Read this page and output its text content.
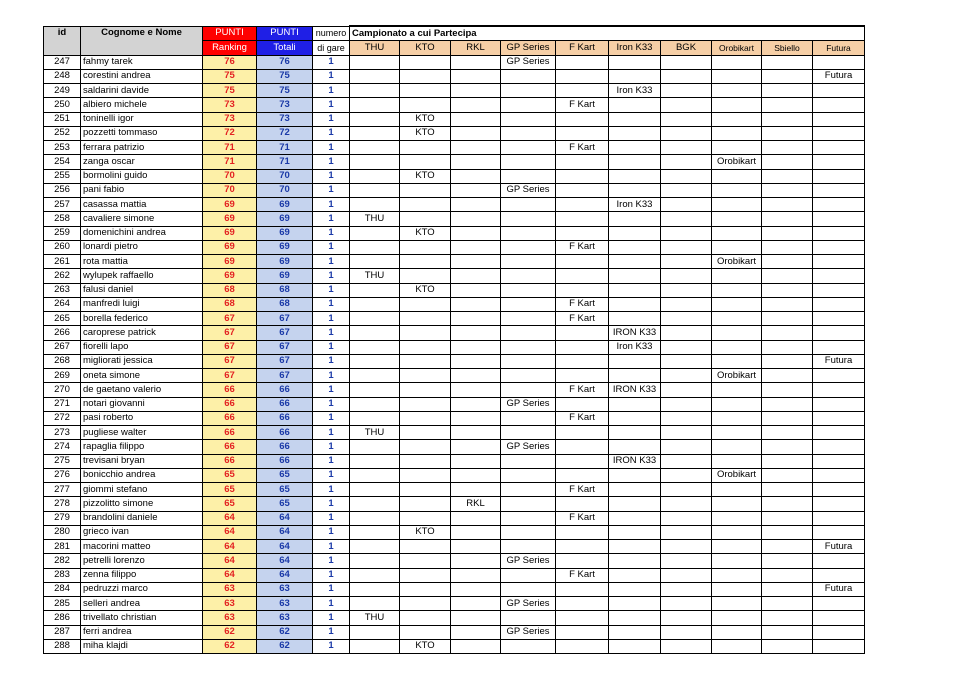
id	Cognome e Nome	PUNTI	PUNTI	numero	Campionato a cui Partecipa									
		Ranking	Totali	di gare	THU	KTO	RKL	GP Series	F Kart	Iron K33	BGK	Orobikart	Sbiello	Futura
247	fahmy tarek	76	76	1				GP Series						
248	corestini andrea	75	75	1										Futura
249	saldarini davide	75	75	1						Iron K33				
250	albiero michele	73	73	1					F Kart					
251	toninelli igor	73	73	1		KTO								
252	pozzetti tommaso	72	72	1		KTO								
253	ferrara patrizio	71	71	1					F Kart					
254	zanga oscar	71	71	1								Orobikart		
255	bormolini guido	70	70	1		KTO								
256	pani fabio	70	70	1				GP Series						
257	casassa mattia	69	69	1						Iron K33				
258	cavaliere simone	69	69	1	THU									
259	domenichini andrea	69	69	1		KTO								
260	lonardi pietro	69	69	1					F Kart					
261	rota mattia	69	69	1								Orobikart		
262	wylupek raffaello	69	69	1	THU									
263	falusi daniel	68	68	1		KTO								
264	manfredi luigi	68	68	1					F Kart					
265	borella federico	67	67	1					F Kart					
266	caroprese patrick	67	67	1						IRON K33				
267	fiorelli lapo	67	67	1						Iron K33				
268	migliorati jessica	67	67	1										Futura
269	oneta simone	67	67	1								Orobikart		
270	de gaetano valerio	66	66	1					F Kart	IRON K33				
271	notari giovanni	66	66	1				GP Series						
272	pasi roberto	66	66	1					F Kart					
273	pugliese walter	66	66	1	THU									
274	rapaglia filippo	66	66	1				GP Series						
275	trevisani bryan	66	66	1						IRON K33				
276	bonicchio andrea	65	65	1								Orobikart		
277	giommi stefano	65	65	1					F Kart					
278	pizzolitto simone	65	65	1			RKL							
279	brandolini daniele	64	64	1					F Kart					
280	grieco ivan	64	64	1		KTO								
281	macorini matteo	64	64	1										Futura
282	petrelli lorenzo	64	64	1				GP Series						
283	zenna filippo	64	64	1					F Kart					
284	pedruzzi marco	63	63	1										Futura
285	selleri andrea	63	63	1				GP Series						
286	trivellato christian	63	63	1	THU									
287	ferri andrea	62	62	1				GP Series						
288	miha klajdi	62	62	1		KTO								
